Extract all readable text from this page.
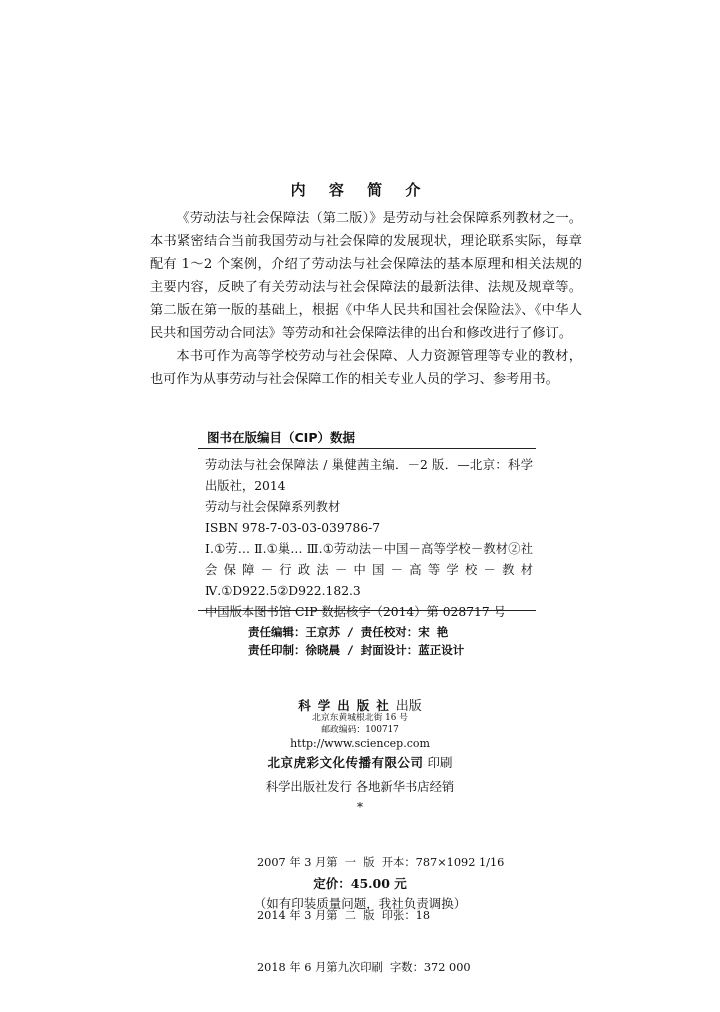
内 容 简 介

《劳动法与社会保障法（第二版）》是劳动与社会保障系列教材之一。本书紧密结合当前我国劳动与社会保障的发展现状，理论联系实际，每章配有 1～2 个案例，介绍了劳动法与社会保障法的基本原理和相关法规的主要内容，反映了有关劳动法与社会保障法的最新法律、法规及规章等。第二版在第一版的基础上，根据《中华人民共和国社会保险法》、《中华人民共和国劳动合同法》等劳动和社会保障法律的出台和修改进行了修订。

本书可作为高等学校劳动与社会保障、人力资源管理等专业的教材，也可作为从事劳动与社会保障工作的相关专业人员的学习、参考用书。

图书在版编目（CIP）数据
劳动法与社会保障法 / 巢健茜主编．－2 版．—北京：科学出版社，2014
劳动与社会保障系列教材
ISBN 978-7-03-03-039786-7
Ⅰ.①劳… Ⅱ.①巢… Ⅲ.①劳动法－中国－高等学校－教材②社会保障－行政法－中国－高等学校－教材 Ⅳ.①D922.5②D922.182.3
中国版本图书馆 CIP 数据核字（2014）第 028717 号
责任编辑：王京苏 / 责任校对：宋 艳
责任印制：徐晓晨 / 封面设计：蓝正设计
科学出版社出版
北京东黄城根北街 16 号
邮政编码：100717
http://www.sciencep.com
北京虎彩文化传播有限公司 印刷
科学出版社发行 各地新华书店经销
*

2007 年 3 月第  一  版  开本：787×1092 1/16

2014 年 3 月第  二  版  印张：18

2018 年 6 月第九次印刷  字数：372 000

定价：45.00 元
（如有印装质量问题，我社负责调换）
